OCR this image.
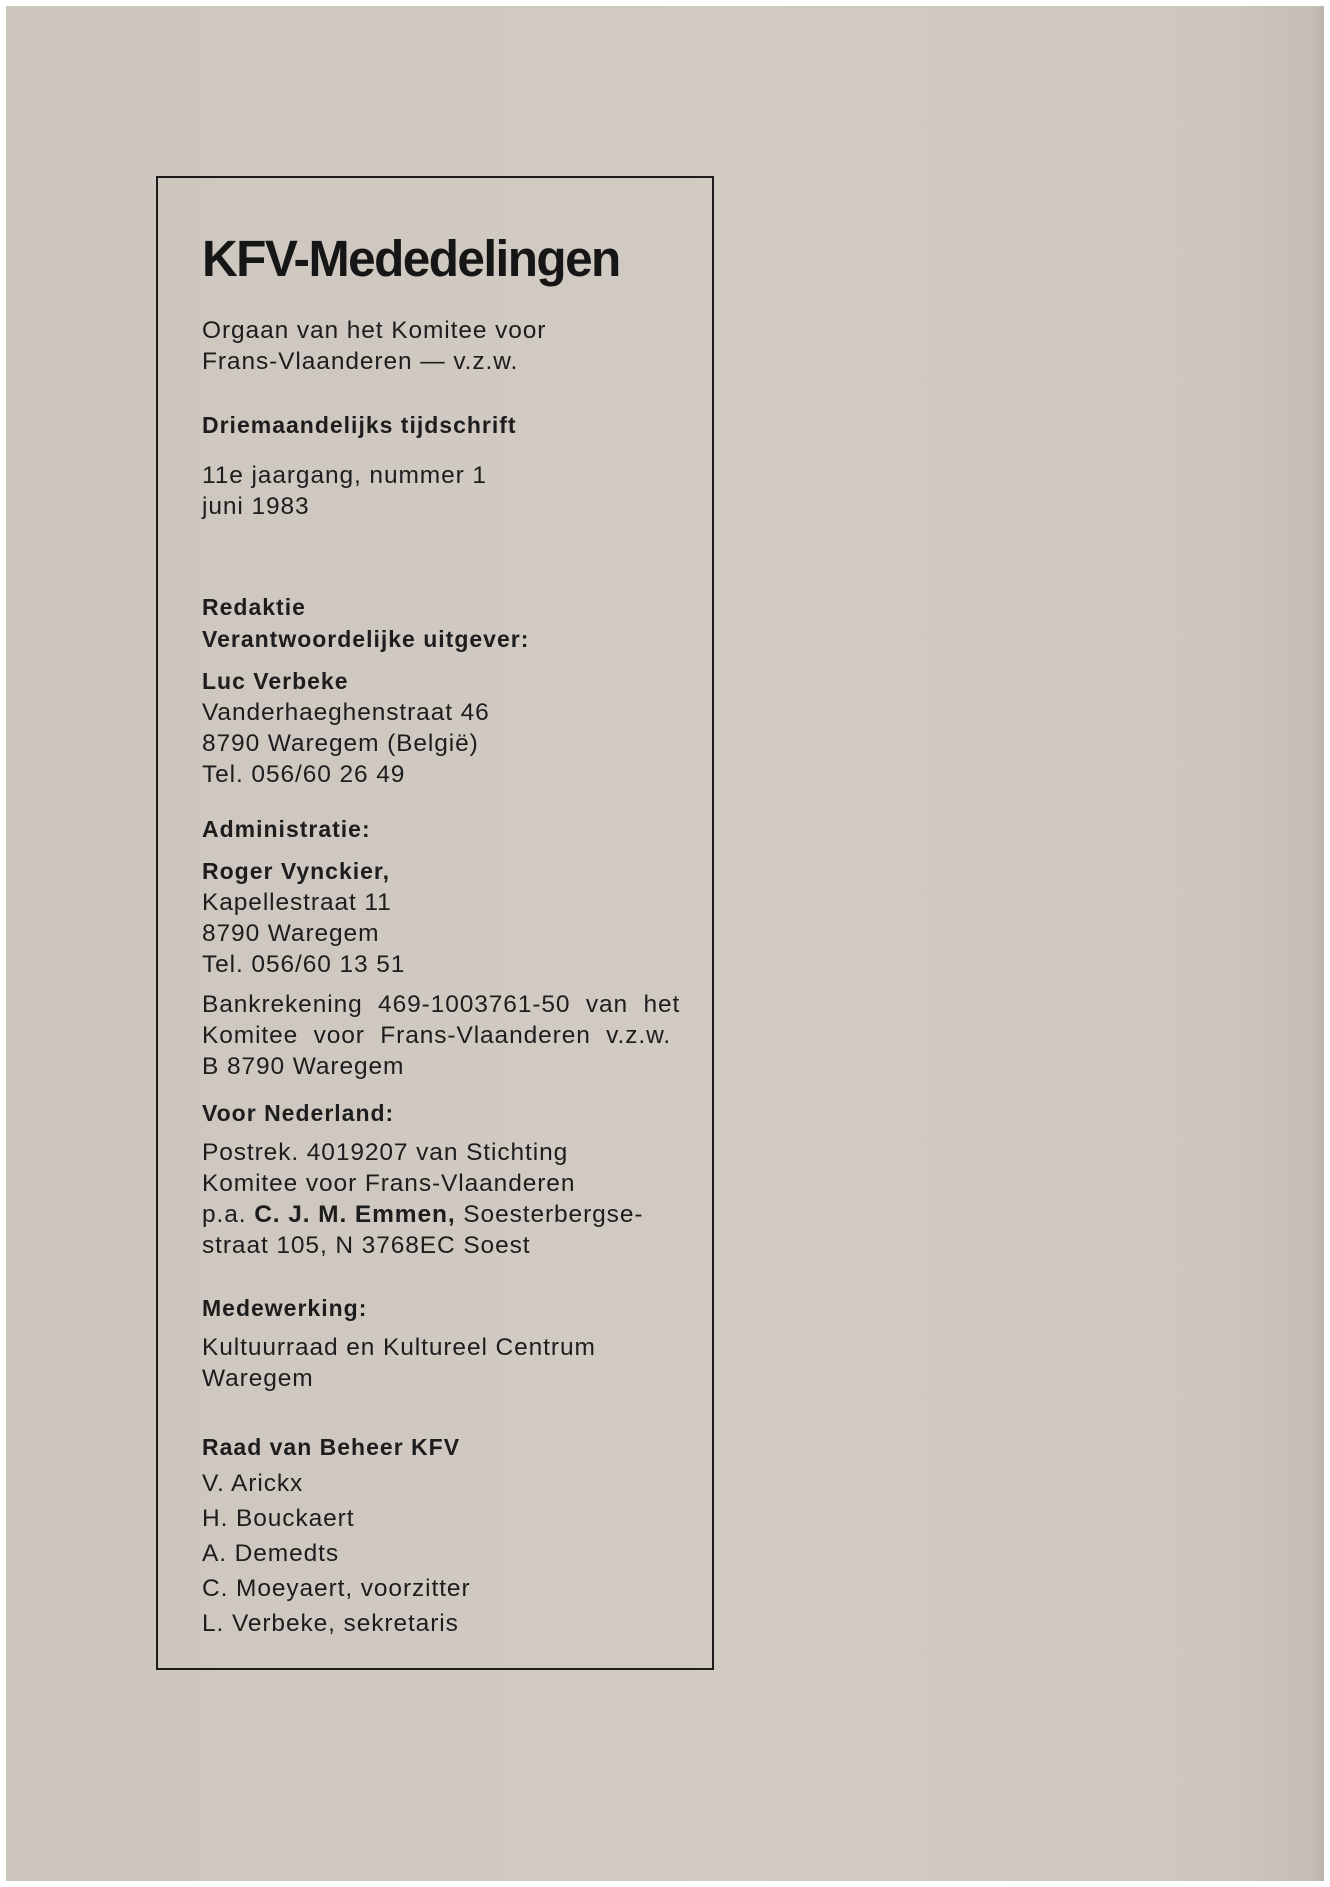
KFV-Mededelingen
Orgaan van het Komitee voor
Frans-Vlaanderen — v.z.w.
Driemaandelijks tijdschrift
11e jaargang, nummer 1
juni 1983
Redaktie
Verantwoordelijke uitgever:
Luc Verbeke
Vanderhaeghenstraat 46
8790 Waregem (België)
Tel. 056/60 26 49
Administratie:
Roger Vynckier,
Kapellestraat 11
8790 Waregem
Tel. 056/60 13 51
Bankrekening  469-1003761-50  van  het
Komitee  voor  Frans-Vlaanderen  v.z.w.
B 8790 Waregem
Voor Nederland:
Postrek. 4019207 van Stichting
Komitee voor Frans-Vlaanderen
p.a. C. J. M. Emmen, Soesterbergse-
straat 105, N 3768EC Soest
Medewerking:
Kultuurraad en Kultureel Centrum
Waregem
Raad van Beheer KFV
V. Arickx
H. Bouckaert
A. Demedts
C. Moeyaert, voorzitter
L. Verbeke, sekretaris
